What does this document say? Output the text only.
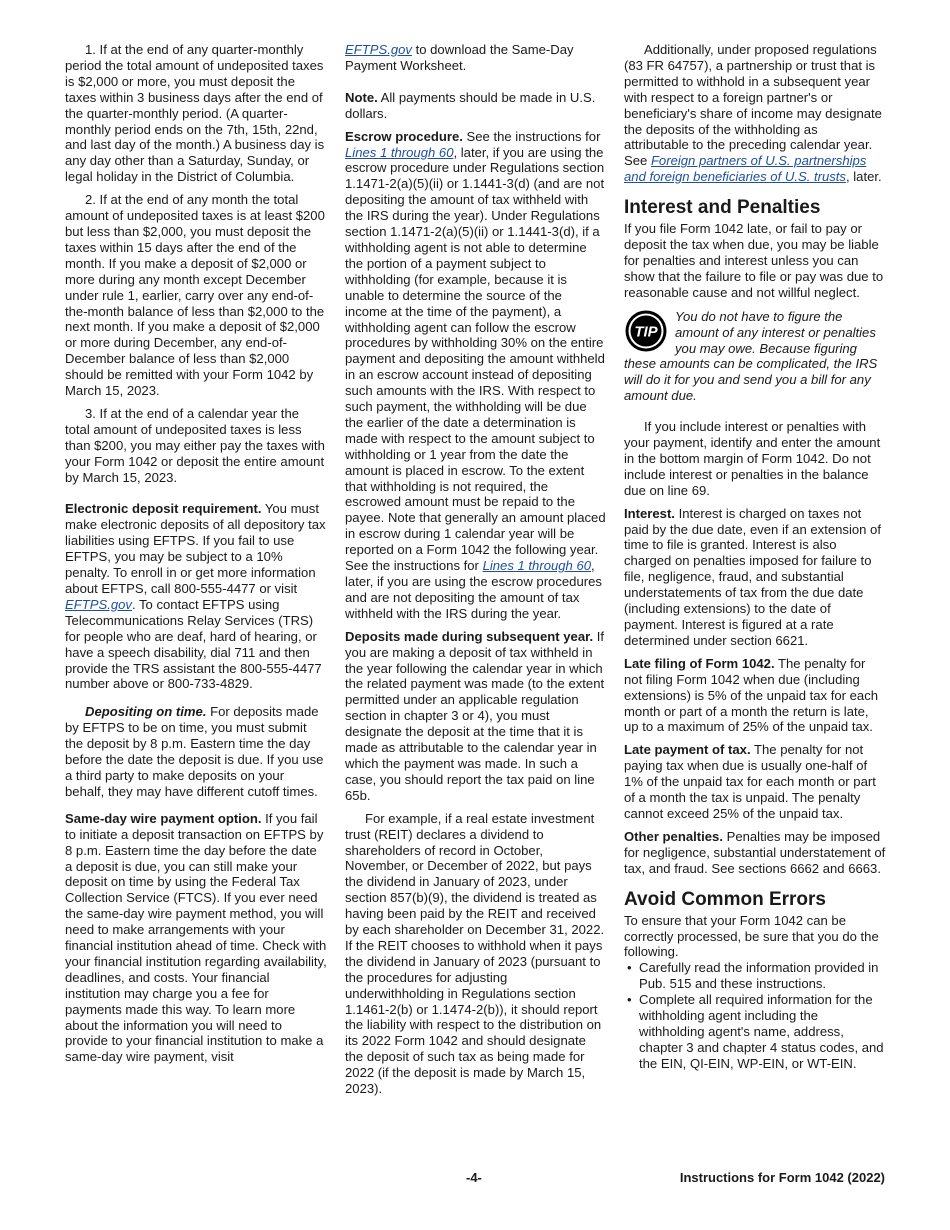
1. If at the end of any quarter-monthly period the total amount of undeposited taxes is $2,000 or more, you must deposit the taxes within 3 business days after the end of the quarter-monthly period. (A quarter-monthly period ends on the 7th, 15th, 22nd, and last day of the month.) A business day is any day other than a Saturday, Sunday, or legal holiday in the District of Columbia.

2. If at the end of any month the total amount of undeposited taxes is at least $200 but less than $2,000, you must deposit the taxes within 15 days after the end of the month. If you make a deposit of $2,000 or more during any month except December under rule 1, earlier, carry over any end-of-the-month balance of less than $2,000 to the next month. If you make a deposit of $2,000 or more during December, any end-of-December balance of less than $2,000 should be remitted with your Form 1042 by March 15, 2023.

3. If at the end of a calendar year the total amount of undeposited taxes is less than $200, you may either pay the taxes with your Form 1042 or deposit the entire amount by March 15, 2023.

Electronic deposit requirement. You must make electronic deposits of all depository tax liabilities using EFTPS. If you fail to use EFTPS, you may be subject to a 10% penalty. To enroll in or get more information about EFTPS, call 800-555-4477 or visit EFTPS.gov. To contact EFTPS using Telecommunications Relay Services (TRS) for people who are deaf, hard of hearing, or have a speech disability, dial 711 and then provide the TRS assistant the 800-555-4477 number above or 800-733-4829.

Depositing on time. For deposits made by EFTPS to be on time, you must submit the deposit by 8 p.m. Eastern time the day before the date the deposit is due. If you use a third party to make deposits on your behalf, they may have different cutoff times.

Same-day wire payment option. If you fail to initiate a deposit transaction on EFTPS by 8 p.m. Eastern time the day before the date a deposit is due, you can still make your deposit on time by using the Federal Tax Collection Service (FTCS). If you ever need the same-day wire payment method, you will need to make arrangements with your financial institution ahead of time. Check with your financial institution regarding availability, deadlines, and costs. Your financial institution may charge you a fee for payments made this way. To learn more about the information you will need to provide to your financial institution to make a same-day wire payment, visit

EFTPS.gov to download the Same-Day Payment Worksheet.

Note. All payments should be made in U.S. dollars.

Escrow procedure. See the instructions for Lines 1 through 60, later, if you are using the escrow procedure under Regulations section 1.1471-2(a)(5)(ii) or 1.1441-3(d) (and are not depositing the amount of tax withheld with the IRS during the year). Under Regulations section 1.1471-2(a)(5)(ii) or 1.1441-3(d), if a withholding agent is not able to determine the portion of a payment subject to withholding (for example, because it is unable to determine the source of the income at the time of the payment), a withholding agent can follow the escrow procedures by withholding 30% on the entire payment and depositing the amount withheld in an escrow account instead of depositing such amounts with the IRS. With respect to such payment, the withholding will be due the earlier of the date a determination is made with respect to the amount subject to withholding or 1 year from the date the amount is placed in escrow. To the extent that withholding is not required, the escrowed amount must be repaid to the payee. Note that generally an amount placed in escrow during 1 calendar year will be reported on a Form 1042 the following year. See the instructions for Lines 1 through 60, later, if you are using the escrow procedures and are not depositing the amount of tax withheld with the IRS during the year.

Deposits made during subsequent year. If you are making a deposit of tax withheld in the year following the calendar year in which the related payment was made (to the extent permitted under an applicable regulation section in chapter 3 or 4), you must designate the deposit at the time that it is made as attributable to the calendar year in which the payment was made. In such a case, you should report the tax paid on line 65b.

For example, if a real estate investment trust (REIT) declares a dividend to shareholders of record in October, November, or December of 2022, but pays the dividend in January of 2023, under section 857(b)(9), the dividend is treated as having been paid by the REIT and received by each shareholder on December 31, 2022. If the REIT chooses to withhold when it pays the dividend in January of 2023 (pursuant to the procedures for adjusting underwithholding in Regulations section 1.1461-2(b) or 1.1474-2(b)), it should report the liability with respect to the distribution on its 2022 Form 1042 and should designate the deposit of such tax as being made for 2022 (if the deposit is made by March 15, 2023).

Additionally, under proposed regulations (83 FR 64757), a partnership or trust that is permitted to withhold in a subsequent year with respect to a foreign partner's or beneficiary's share of income may designate the deposits of the withholding as attributable to the preceding calendar year. See Foreign partners of U.S. partnerships and foreign beneficiaries of U.S. trusts, later.

Interest and Penalties

If you file Form 1042 late, or fail to pay or deposit the tax when due, you may be liable for penalties and interest unless you can show that the failure to file or pay was due to reasonable cause and not willful neglect.

TIP
You do not have to figure the amount of any interest or penalties you may owe. Because figuring these amounts can be complicated, the IRS will do it for you and send you a bill for any amount due.

If you include interest or penalties with your payment, identify and enter the amount in the bottom margin of Form 1042. Do not include interest or penalties in the balance due on line 69.

Interest. Interest is charged on taxes not paid by the due date, even if an extension of time to file is granted. Interest is also charged on penalties imposed for failure to file, negligence, fraud, and substantial understatements of tax from the due date (including extensions) to the date of payment. Interest is figured at a rate determined under section 6621.

Late filing of Form 1042. The penalty for not filing Form 1042 when due (including extensions) is 5% of the unpaid tax for each month or part of a month the return is late, up to a maximum of 25% of the unpaid tax.

Late payment of tax. The penalty for not paying tax when due is usually one-half of 1% of the unpaid tax for each month or part of a month the tax is unpaid. The penalty cannot exceed 25% of the unpaid tax.

Other penalties. Penalties may be imposed for negligence, substantial understatement of tax, and fraud. See sections 6662 and 6663.

Avoid Common Errors

To ensure that your Form 1042 can be correctly processed, be sure that you do the following.

• Carefully read the information provided in Pub. 515 and these instructions.
• Complete all required information for the withholding agent including the withholding agent's name, address, chapter 3 and chapter 4 status codes, and the EIN, QI-EIN, WP-EIN, or WT-EIN.
-4-	Instructions for Form 1042 (2022)
